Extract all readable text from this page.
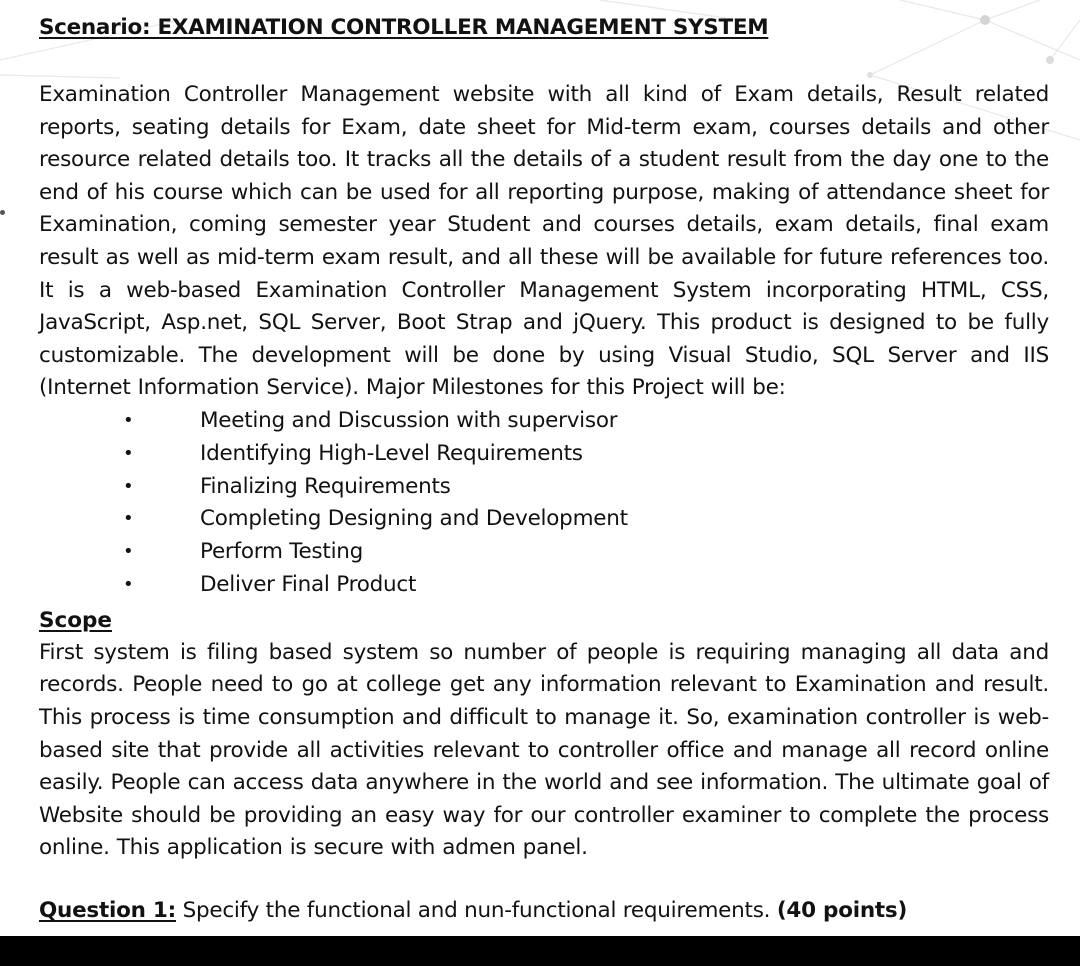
Scenario: EXAMINATION CONTROLLER MANAGEMENT SYSTEM

Examination Controller Management website with all kind of Exam details, Result related reports, seating details for Exam, date sheet for Mid-term exam, courses details and other resource related details too. It tracks all the details of a student result from the day one to the end of his course which can be used for all reporting purpose, making of attendance sheet for Examination, coming semester year Student and courses details, exam details, final exam result as well as mid-term exam result, and all these will be available for future references too. It is a web-based Examination Controller Management System incorporating HTML, CSS, JavaScript, Asp.net, SQL Server, Boot Strap and jQuery. This product is designed to be fully customizable. The development will be done by using Visual Studio, SQL Server and IIS (Internet Information Service). Major Milestones for this Project will be:

•	Meeting and Discussion with supervisor
•	Identifying High-Level Requirements
•	Finalizing Requirements
•	Completing Designing and Development
•	Perform Testing
•	Deliver Final Product
Scope

First system is filing based system so number of people is requiring managing all data and records. People need to go at college get any information relevant to Examination and result. This process is time consumption and difficult to manage it. So, examination controller is web-based site that provide all activities relevant to controller office and manage all record online easily. People can access data anywhere in the world and see information. The ultimate goal of Website should be providing an easy way for our controller examiner to complete the process online. This application is secure with admen panel.

Question 1: Specify the functional and nun-functional requirements. (40 points)
